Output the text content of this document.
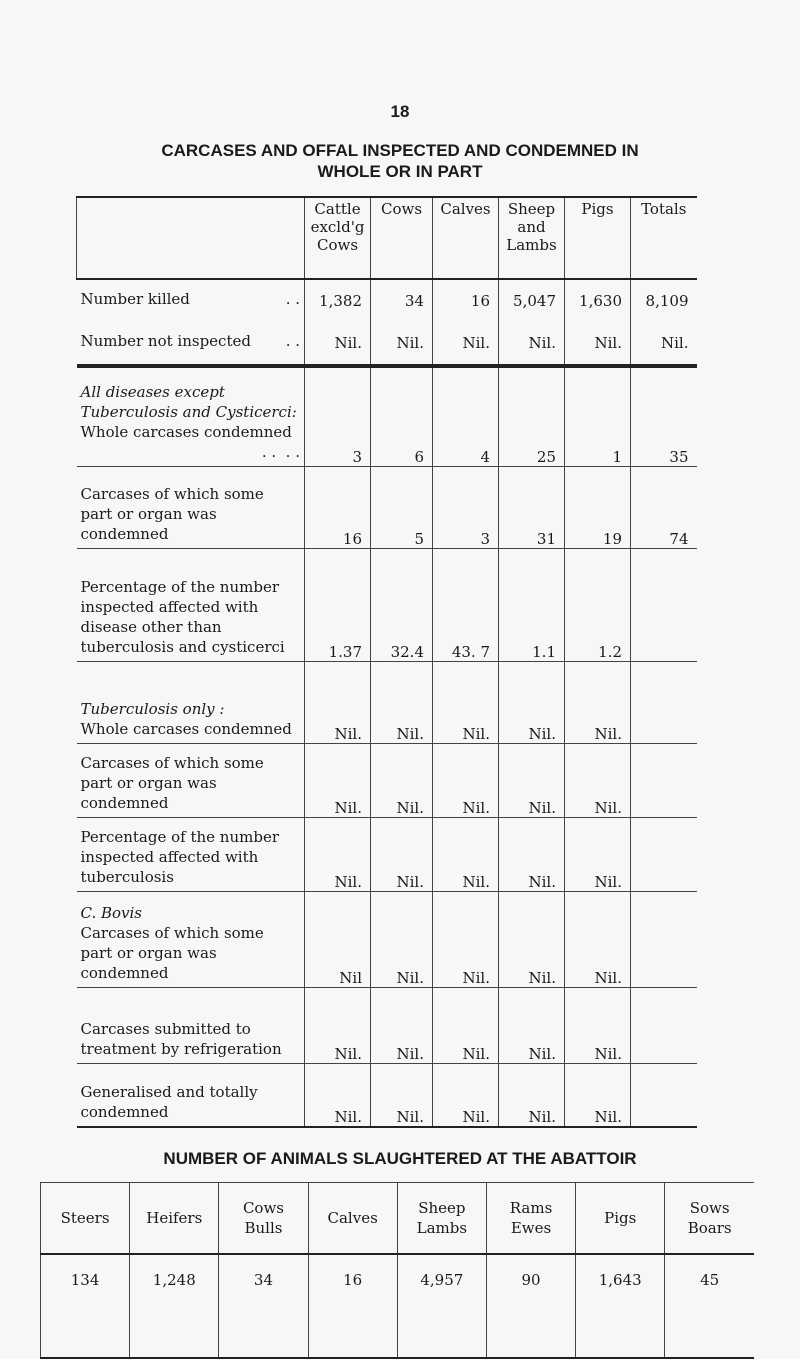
18
CARCASES AND OFFAL INSPECTED AND CONDEMNED IN
WHOLE OR IN PART
	Cattle excld'g Cows	Cows	Calves	Sheep and Lambs	Pigs	Totals
Number killed . .	1,382	34	16	5,047	1,630	8,109
Number not inspected . .	Nil.	Nil.	Nil.	Nil.	Nil.	Nil.

All diseases except Tuberculosis and Cysticerci:
Whole carcases condemned
. .  . .	3	6	4	25	1	35
Carcases of which some part or organ was condemned	16	5	3	31	19	74
Percentage of the number inspected affected with disease other than tuberculosis and cysticerci	1.37	32.4	43. 7	1.1	1.2	

Tuberculosis only :
Whole carcases condemned	Nil.	Nil.	Nil.	Nil.	Nil.	
Carcases of which some part or organ was condemned	Nil.	Nil.	Nil.	Nil.	Nil.	
Percentage of the number inspected affected with tuberculosis	Nil.	Nil.	Nil.	Nil.	Nil.	

C. Bovis
Carcases of which some part or organ was condemned	Nil	Nil.	Nil.	Nil.	Nil.	
Carcases submitted to treatment by refrigeration	Nil.	Nil.	Nil.	Nil.	Nil.	
Generalised and totally condemned	Nil.	Nil.	Nil.	Nil.	Nil.	
NUMBER OF ANIMALS SLAUGHTERED AT THE ABATTOIR
Steers	Heifers	Cows Bulls	Calves	Sheep Lambs	Rams Ewes	Pigs	Sows Boars
134	1,248	34	16	4,957	90	1,643	45
